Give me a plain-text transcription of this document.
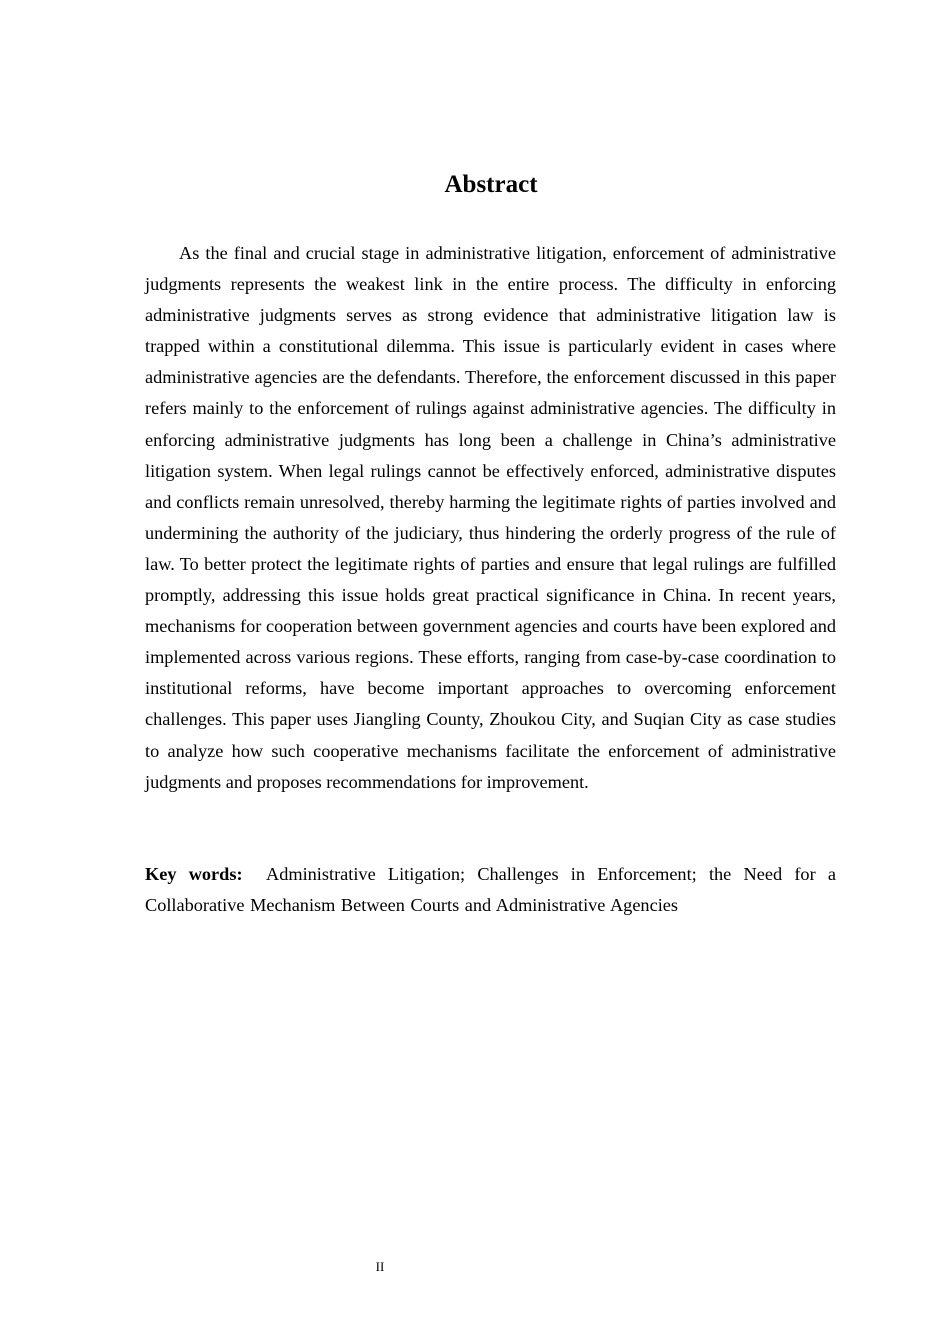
Abstract

As the final and crucial stage in administrative litigation, enforcement of administrative judgments represents the weakest link in the entire process. The difficulty in enforcing administrative judgments serves as strong evidence that administrative litigation law is trapped within a constitutional dilemma. This issue is particularly evident in cases where administrative agencies are the defendants. Therefore, the enforcement discussed in this paper refers mainly to the enforcement of rulings against administrative agencies. The difficulty in enforcing administrative judgments has long been a challenge in China’s administrative litigation system. When legal rulings cannot be effectively enforced, administrative disputes and conflicts remain unresolved, thereby harming the legitimate rights of parties involved and undermining the authority of the judiciary, thus hindering the orderly progress of the rule of law. To better protect the legitimate rights of parties and ensure that legal rulings are fulfilled promptly, addressing this issue holds great practical significance in China. In recent years, mechanisms for cooperation between government agencies and courts have been explored and implemented across various regions. These efforts, ranging from case-by-case coordination to institutional reforms, have become important approaches to overcoming enforcement challenges. This paper uses Jiangling County, Zhoukou City, and Suqian City as case studies to analyze how such cooperative mechanisms facilitate the enforcement of administrative judgments and proposes recommendations for improvement.

Key words: Administrative Litigation; Challenges in Enforcement; the Need for a Collaborative Mechanism Between Courts and Administrative Agencies

II
